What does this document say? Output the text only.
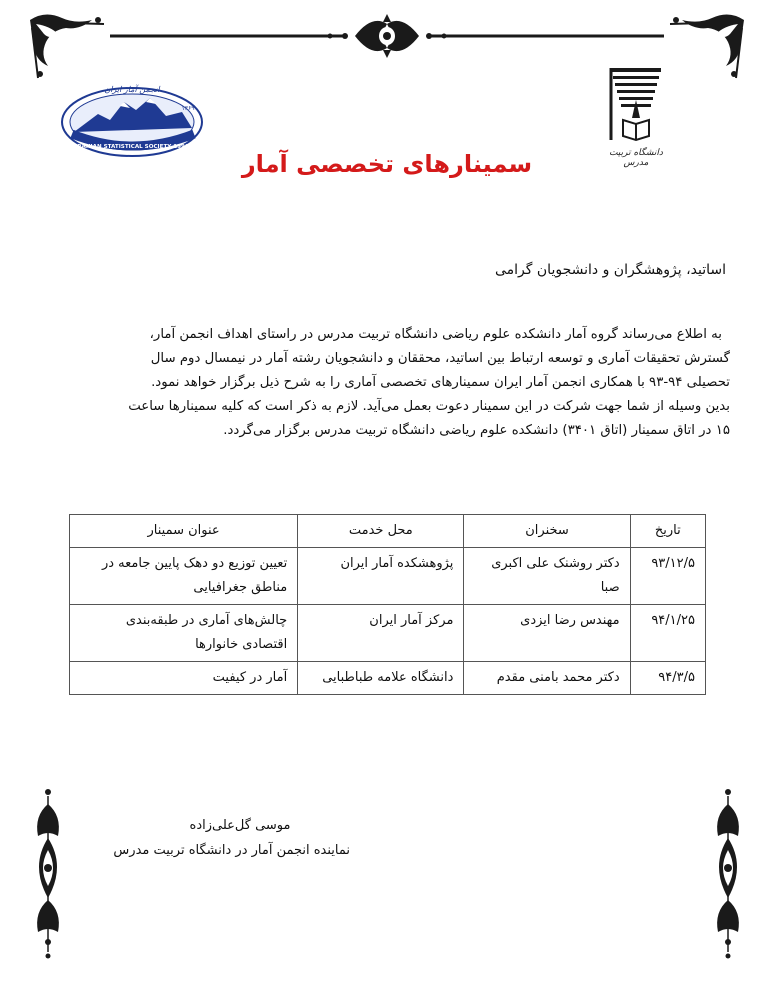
انجمن آمار ایران
۱۳۶۹
IRANIAN STATISTICAL SOCIETY 1990
دانشگاه تربیت مدرس
سمینارهای تخصصی آمار
اساتید، پژوهشگران و دانشجویان گرامی

به اطلاع می‌رساند گروه آمار دانشکده علوم ریاضی دانشگاه تربیت مدرس در راستای اهداف انجمن آمار،

گسترش تحقیقات آماری و توسعه ارتباط بین اساتید، محققان و دانشجویان رشته آمار در نیمسال دوم سال

تحصیلی ۹۴-۹۳ با همکاری انجمن آمار ایران سمینارهای تخصصی آماری را به شرح ذیل برگزار خواهد نمود.

بدین وسیله از شما جهت شرکت در این سمینار دعوت بعمل می‌آید. لازم به ذکر است که کلیه سمینارها ساعت

۱۵ در اتاق سمینار (اتاق ۳۴۰۱) دانشکده علوم ریاضی دانشگاه تربیت مدرس برگزار می‌گردد.

تاریخ	سخنران	محل خدمت	عنوان سمینار
۹۳/۱۲/۵	دکتر روشنک علی اکبری صبا	پژوهشکده آمار ایران	تعیین توزیع دو دهک پایین جامعه در مناطق جغرافیایی
۹۴/۱/۲۵	مهندس رضا ایزدی	مرکز آمار ایران	چالش‌های آماری در طبقه‌بندی اقتصادی خانوارها
۹۴/۳/۵	دکتر محمد بامنی مقدم	دانشگاه علامه طباطبایی	آمار در کیفیت
موسی گل‌علی‌زاده
نماینده انجمن آمار در دانشگاه تربیت مدرس
